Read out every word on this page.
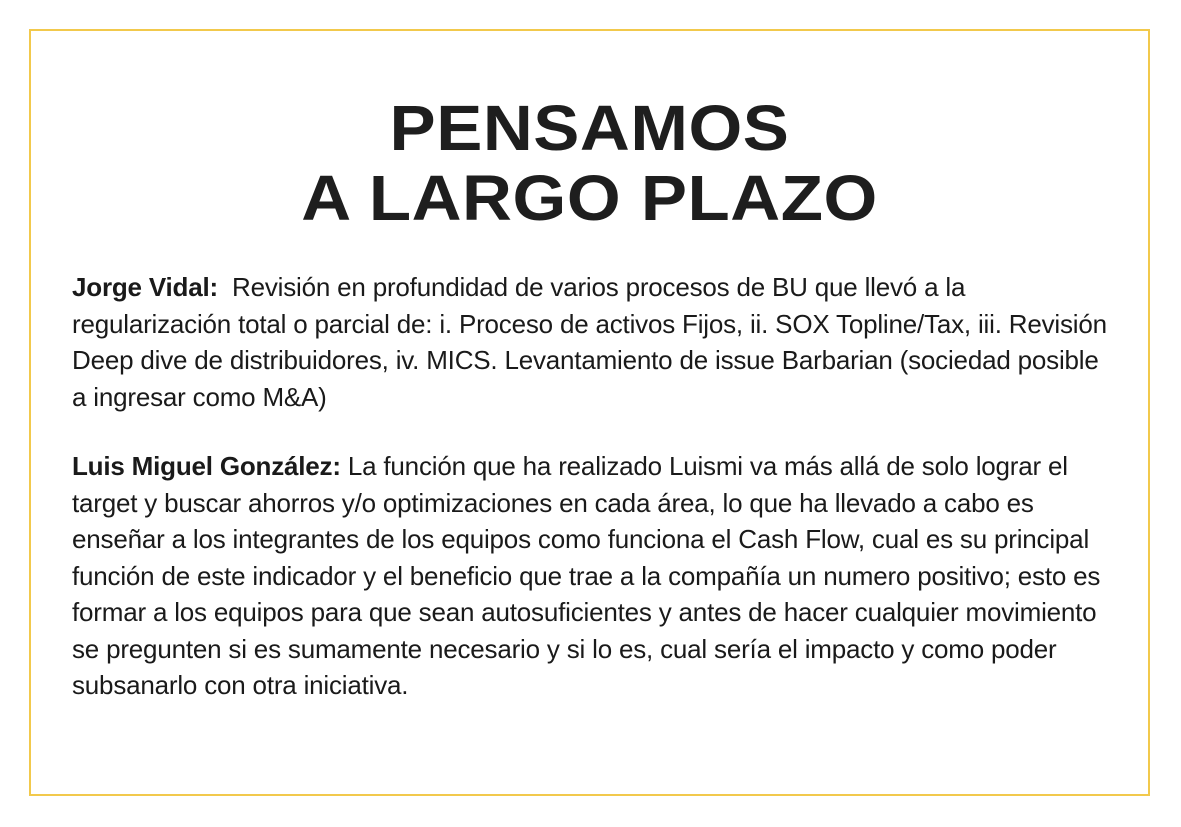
PENSAMOS
A LARGO PLAZO
Jorge Vidal: Revisión en profundidad de varios procesos de BU que llevó a la regularización total o parcial de: i. Proceso de activos Fijos, ii. SOX Topline/Tax, iii. Revisión Deep dive de distribuidores, iv. MICS. Levantamiento de issue Barbarian (sociedad posible a ingresar como M&A)
Luis Miguel González: La función que ha realizado Luismi va más allá de solo lograr el target y buscar ahorros y/o optimizaciones en cada área, lo que ha llevado a cabo es enseñar a los integrantes de los equipos como funciona el Cash Flow, cual es su principal función de este indicador y el beneficio que trae a la compañía un numero positivo; esto es formar a los equipos para que sean autosuficientes y antes de hacer cualquier movimiento se pregunten si es sumamente necesario y si lo es, cual sería el impacto y como poder subsanarlo con otra iniciativa.
